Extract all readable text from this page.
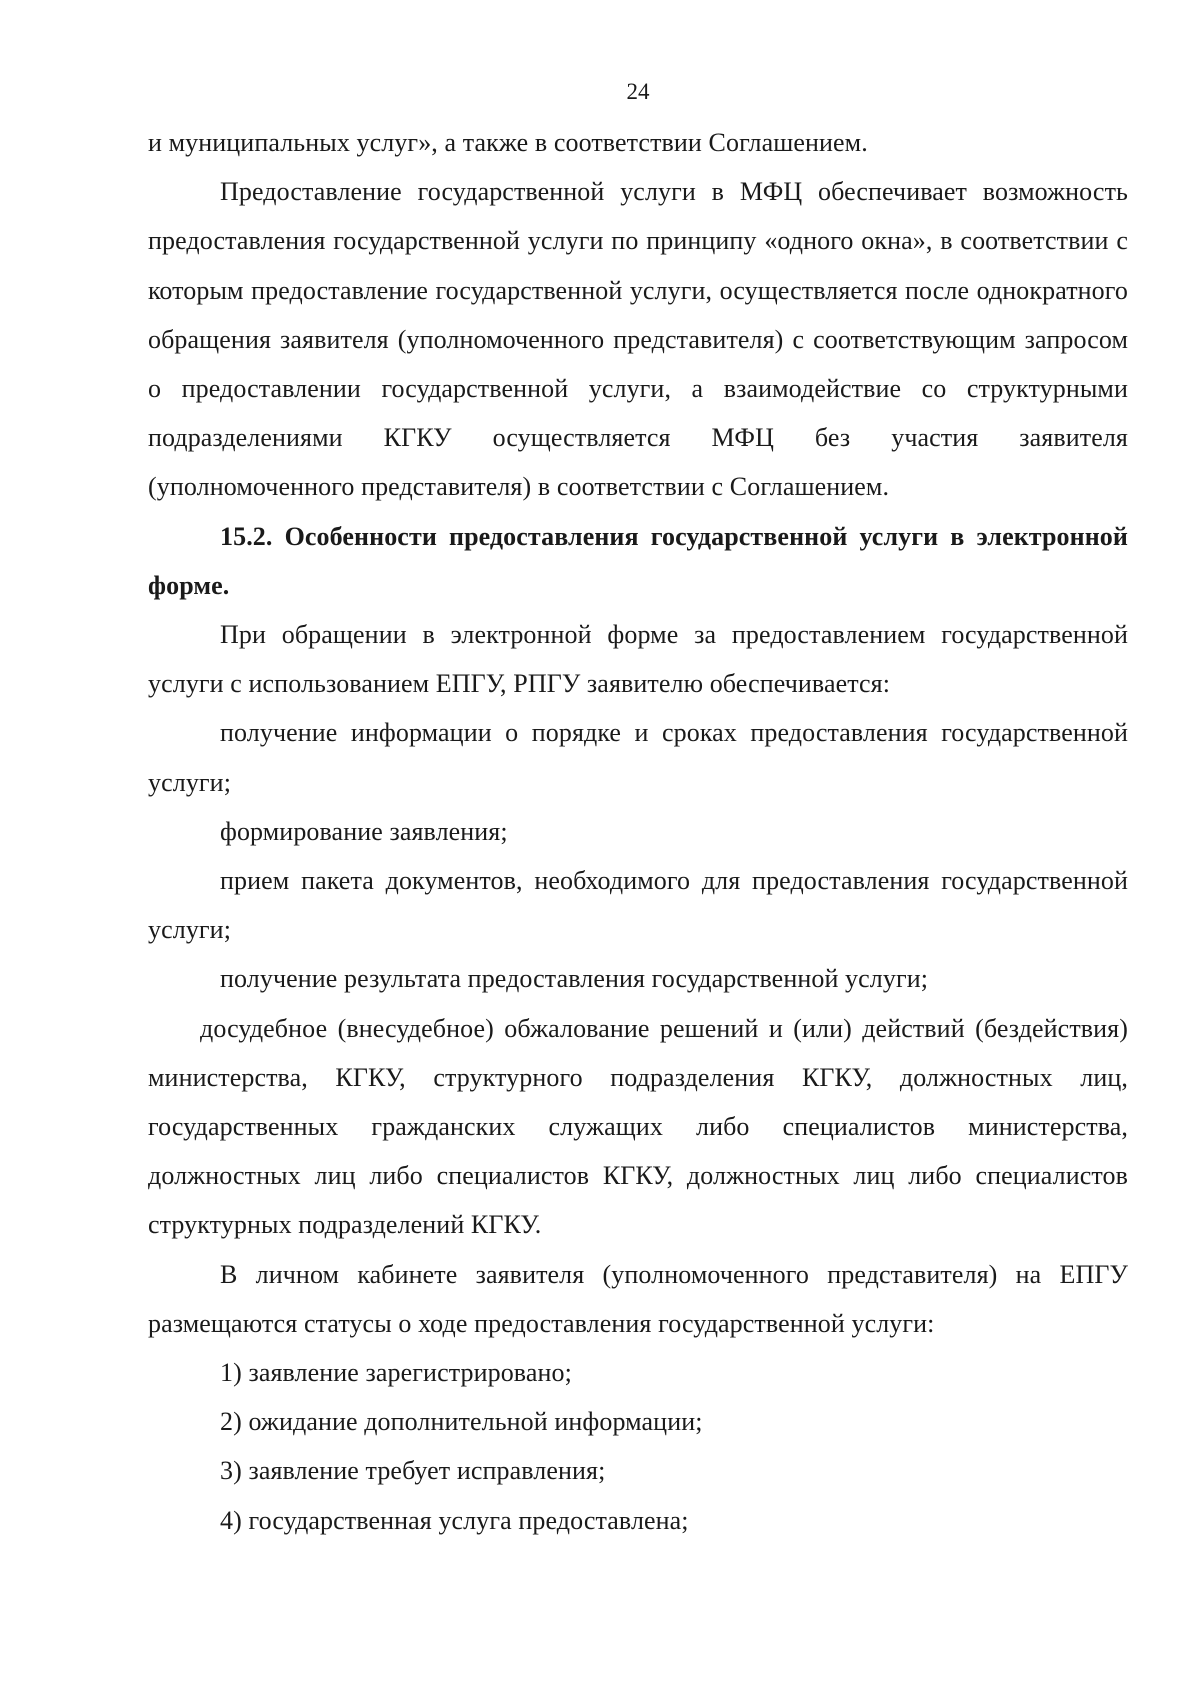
24

и муниципальных услуг», а также в соответствии Соглашением.

Предоставление государственной услуги в МФЦ обеспечивает возможность предоставления государственной услуги по принципу «одного окна», в соответствии с которым предоставление государственной услуги, осуществляется после однократного обращения заявителя (уполномоченного представителя) с соответствующим запросом о предоставлении государственной услуги, а взаимодействие со структурными подразделениями КГКУ осуществляется МФЦ без участия заявителя (уполномоченного представителя) в соответствии с Соглашением.

15.2. Особенности предоставления государственной услуги в электронной форме.

При обращении в электронной форме за предоставлением государственной услуги с использованием ЕПГУ, РПГУ заявителю обеспечивается:

получение информации о порядке и сроках предоставления государственной услуги;

формирование заявления;

прием пакета документов, необходимого для предоставления государственной услуги;

получение результата предоставления государственной услуги;

досудебное (внесудебное) обжалование решений и (или) действий (бездействия) министерства, КГКУ, структурного подразделения КГКУ, должностных лиц, государственных гражданских служащих либо специалистов министерства, должностных лиц либо специалистов КГКУ, должностных лиц либо специалистов структурных подразделений КГКУ.

В личном кабинете заявителя (уполномоченного представителя) на ЕПГУ размещаются статусы о ходе предоставления государственной услуги:

1) заявление зарегистрировано;

2) ожидание дополнительной информации;

3) заявление требует исправления;

4) государственная услуга предоставлена;
